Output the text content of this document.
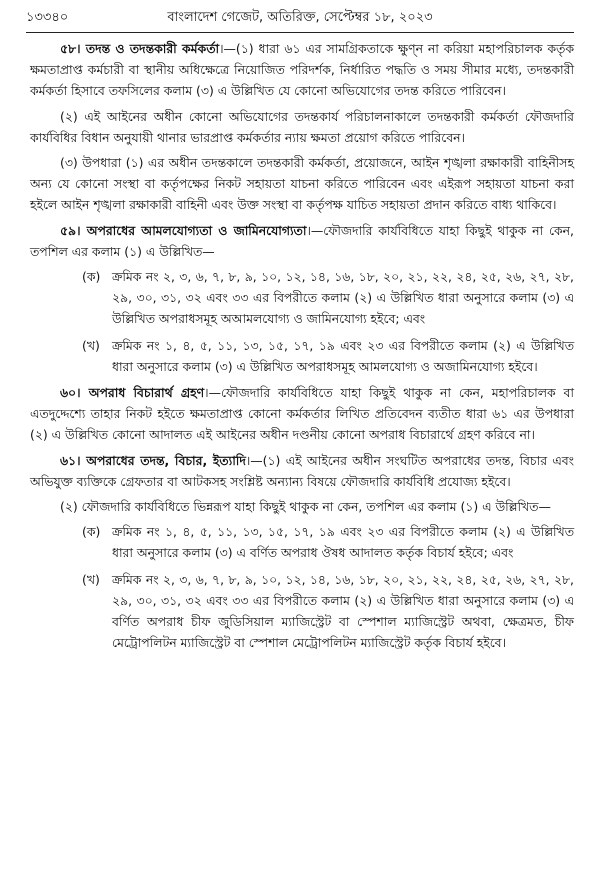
১৩৩৪০	বাংলাদেশ গেজেট, অতিরিক্ত, সেপ্টেম্বর ১৮, ২০২৩

৫৮। তদন্ত ও তদন্তকারী কর্মকর্তা।—(১) ধারা ৬১ এর সামগ্রিকতাকে ক্ষুণ্ন না করিয়া মহাপরিচালক কর্তৃক ক্ষমতাপ্রাপ্ত কর্মচারী বা স্থানীয় অধিক্ষেত্রে নিয়োজিত পরিদর্শক, নির্ধারিত পদ্ধতি ও সময় সীমার মধ্যে, তদন্তকারী কর্মকর্তা হিসাবে তফসিলের কলাম (৩) এ উল্লিখিত যে কোনো অভিযোগের তদন্ত করিতে পারিবেন।

(২) এই আইনের অধীন কোনো অভিযোগের তদন্তকার্য পরিচালনাকালে তদন্তকারী কর্মকর্তা ফৌজদারি কার্যবিধির বিধান অনুযায়ী থানার ভারপ্রাপ্ত কর্মকর্তার ন্যায় ক্ষমতা প্রয়োগ করিতে পারিবেন।

(৩) উপধারা (১) এর অধীন তদন্তকালে তদন্তকারী কর্মকর্তা, প্রয়োজনে, আইন শৃঙ্খলা রক্ষাকারী বাহিনীসহ অন্য যে কোনো সংস্থা বা কর্তৃপক্ষের নিকট সহায়তা যাচনা করিতে পারিবেন এবং এইরূপ সহায়তা যাচনা করা হইলে আইন শৃঙ্খলা রক্ষাকারী বাহিনী এবং উক্ত সংস্থা বা কর্তৃপক্ষ যাচিত সহায়তা প্রদান করিতে বাধ্য থাকিবে।

৫৯। অপরাধের আমলযোগ্যতা ও জামিনযোগ্যতা।—ফৌজদারি কার্যবিধিতে যাহা কিছুই থাকুক না কেন, তপশিল এর কলাম (১) এ উল্লিখিত—

(ক) ক্রমিক নং ২, ৩, ৬, ৭, ৮, ৯, ১০, ১২, ১৪, ১৬, ১৮, ২০, ২১, ২২, ২৪, ২৫, ২৬, ২৭, ২৮, ২৯, ৩০, ৩১, ৩২ এবং ৩৩ এর বিপরীতে কলাম (২) এ উল্লিখিত ধারা অনুসারে কলাম (৩) এ উল্লিখিত অপরাধসমূহ অআমলযোগ্য ও জামিনযোগ্য হইবে; এবং
(খ) ক্রমিক নং ১, ৪, ৫, ১১, ১৩, ১৫, ১৭, ১৯ এবং ২৩ এর বিপরীতে কলাম (২) এ উল্লিখিত ধারা অনুসারে কলাম (৩) এ উল্লিখিত অপরাধসমূহ আমলযোগ্য ও অজামিনযোগ্য হইবে।

৬০। অপরাধ বিচারার্থ গ্রহণ।—ফৌজদারি কার্যবিধিতে যাহা কিছুই থাকুক না কেন, মহাপরিচালক বা এতদুদ্দেশ্যে তাহার নিকট হইতে ক্ষমতাপ্রাপ্ত কোনো কর্মকর্তার লিখিত প্রতিবেদন ব্যতীত ধারা ৬১ এর উপধারা (২) এ উল্লিখিত কোনো আদালত এই আইনের অধীন দণ্ডনীয় কোনো অপরাধ বিচারার্থে গ্রহণ করিবে না।

৬১। অপরাধের তদন্ত, বিচার, ইত্যাদি।—(১) এই আইনের অধীন সংঘটিত অপরাধের তদন্ত, বিচার এবং অভিযুক্ত ব্যক্তিকে গ্রেফতার বা আটকসহ সংশ্লিষ্ট অন্যান্য বিষয়ে ফৌজদারি কার্যবিধি প্রযোজ্য হইবে।

(২) ফৌজদারি কার্যবিধিতে ভিন্নরূপ যাহা কিছুই থাকুক না কেন, তপশিল এর কলাম (১) এ উল্লিখিত—

(ক) ক্রমিক নং ১, ৪, ৫, ১১, ১৩, ১৫, ১৭, ১৯ এবং ২৩ এর বিপরীতে কলাম (২) এ উল্লিখিত ধারা অনুসারে কলাম (৩) এ বর্ণিত অপরাধ ঔষধ আদালত কর্তৃক বিচার্য হইবে; এবং
(খ) ক্রমিক নং ২, ৩, ৬, ৭, ৮, ৯, ১০, ১২, ১৪, ১৬, ১৮, ২০, ২১, ২২, ২৪, ২৫, ২৬, ২৭, ২৮, ২৯, ৩০, ৩১, ৩২ এবং ৩৩ এর বিপরীতে কলাম (২) এ উল্লিখিত ধারা অনুসারে কলাম (৩) এ বর্ণিত অপরাধ চীফ জুডিসিয়াল ম্যাজিস্ট্রেট বা স্পেশাল ম্যাজিস্ট্রেট অথবা, ক্ষেত্রমত, চীফ মেট্রোপলিটন ম্যাজিস্ট্রেট বা স্পেশাল মেট্রোপলিটন ম্যাজিস্ট্রেট কর্তৃক বিচার্য হইবে।
